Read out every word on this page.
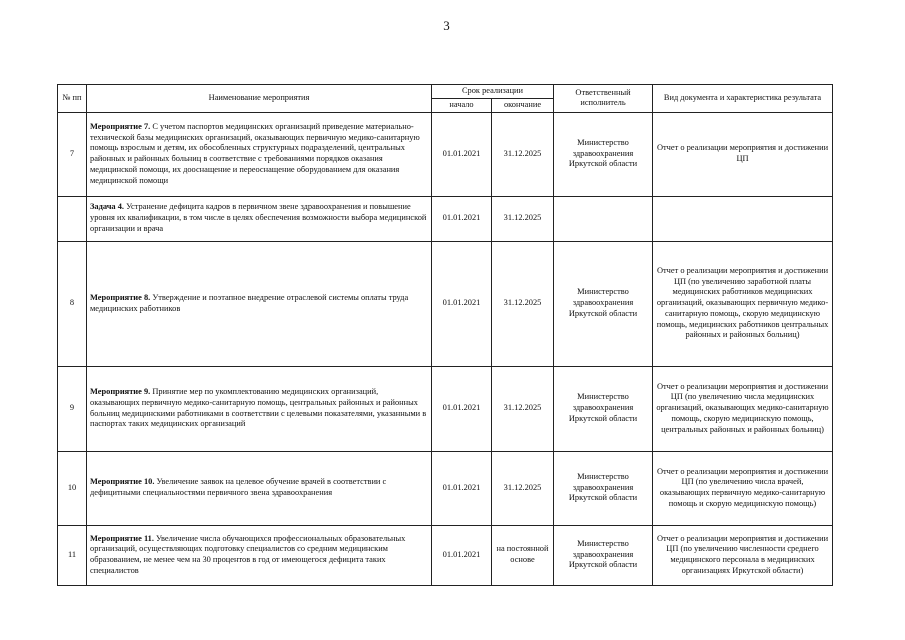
3
№ пп	Наименование мероприятия	Срок реализации		Ответственный исполнитель	Вид документа и характеристика результата
		начало	окончание		
7	Мероприятие 7. С учетом паспортов медицинских организаций приведение материально-технической базы медицинских организаций, оказывающих первичную медико-санитарную помощь взрослым и детям, их обособленных структурных подразделений, центральных районных и районных больниц в соответствие с требованиями порядков оказания медицинской помощи, их дооснащение и переоснащение оборудованием для оказания медицинской помощи	01.01.2021	31.12.2025	Министерство здравоохранения Иркутской области	Отчет о реализации мероприятия и достижении ЦП
	Задача 4. Устранение дефицита кадров в первичном звене здравоохранения и повышение уровня их квалификации, в том числе в целях обеспечения возможности выбора медицинской организации и врача	01.01.2021	31.12.2025		
8	Мероприятие 8. Утверждение и поэтапное внедрение отраслевой системы оплаты труда медицинских работников	01.01.2021	31.12.2025	Министерство здравоохранения Иркутской области	Отчет о реализации мероприятия и достижении ЦП (по увеличению заработной платы медицинских работников медицинских организаций, оказывающих первичную медико-санитарную помощь, скорую медицинскую помощь, медицинских работников центральных районных и районных больниц)
9	Мероприятие 9. Принятие мер по укомплектованию медицинских организаций, оказывающих первичную медико-санитарную помощь, центральных районных и районных больниц медицинскими работниками в соответствии с целевыми показателями, указанными в паспортах таких медицинских организаций	01.01.2021	31.12.2025	Министерство здравоохранения Иркутской области	Отчет о реализации мероприятия и достижении ЦП (по увеличению числа медицинских организаций, оказывающих медико-санитарную помощь, скорую медицинскую помощь, центральных районных и районных больниц)
10	Мероприятие 10. Увеличение заявок на целевое обучение врачей в соответствии с дефицитными специальностями первичного звена здравоохранения	01.01.2021	31.12.2025	Министерство здравоохранения Иркутской области	Отчет о реализации мероприятия и достижении ЦП (по увеличению числа врачей, оказывающих первичную медико-санитарную помощь и скорую медицинскую помощь)
11	Мероприятие 11. Увеличение числа обучающихся профессиональных образовательных организаций, осуществляющих подготовку специалистов со средним медицинским образованием, не менее чем на 30 процентов в год от имеющегося дефицита таких специалистов	01.01.2021	на постоянной основе	Министерство здравоохранения Иркутской области	Отчет о реализации мероприятия и достижении ЦП (по увеличению численности среднего медицинского персонала в медицинских организациях Иркутской области)
